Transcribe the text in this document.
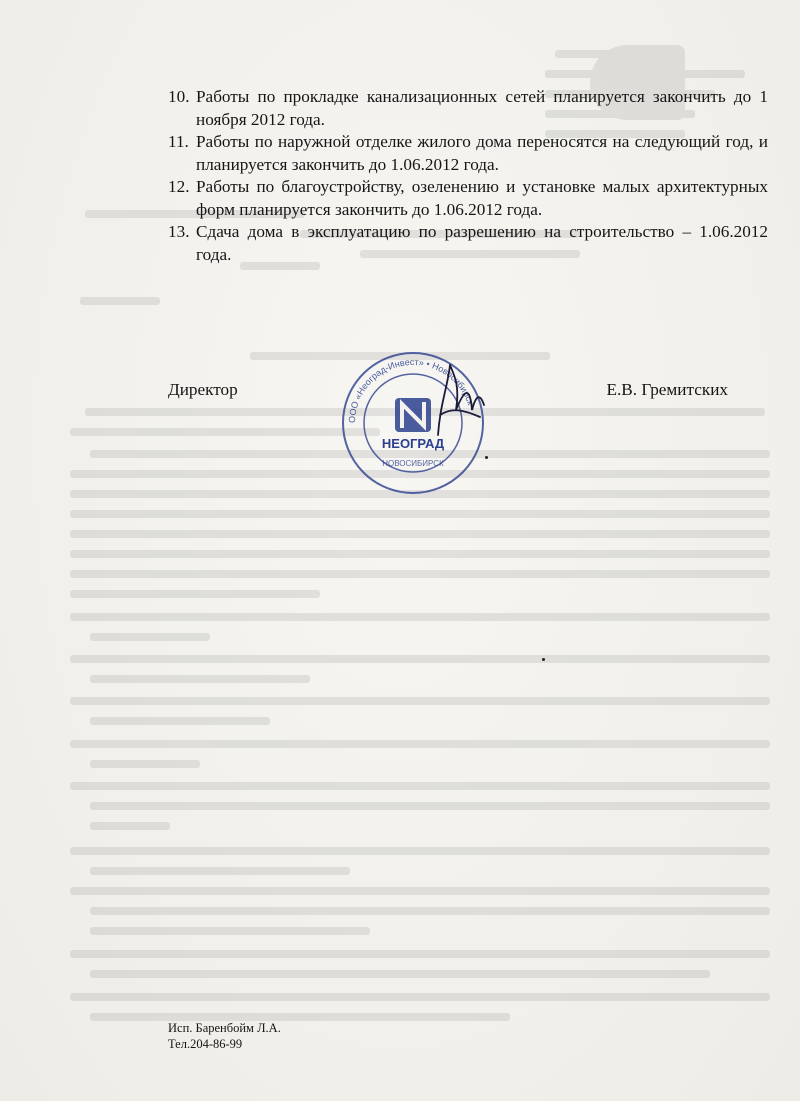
10. Работы по прокладке канализационных сетей планируется закончить до 1 ноября 2012 года.
11. Работы по наружной отделке жилого дома переносятся на следующий год, и планируется закончить до 1.06.2012 года.
12. Работы по благоустройству, озеленению и установке малых архитектурных форм планируется закончить до 1.06.2012 года.
13. Сдача дома в эксплуатацию по разрешению на строительство – 1.06.2012 года.
ООО «Неоград-Инвест» • Новосибирск •
НЕОГРАД
НОВОСИБИРСК
Директор	Е.В. Гремитских
Исп. Баренбойм Л.А.
Тел.204-86-99
